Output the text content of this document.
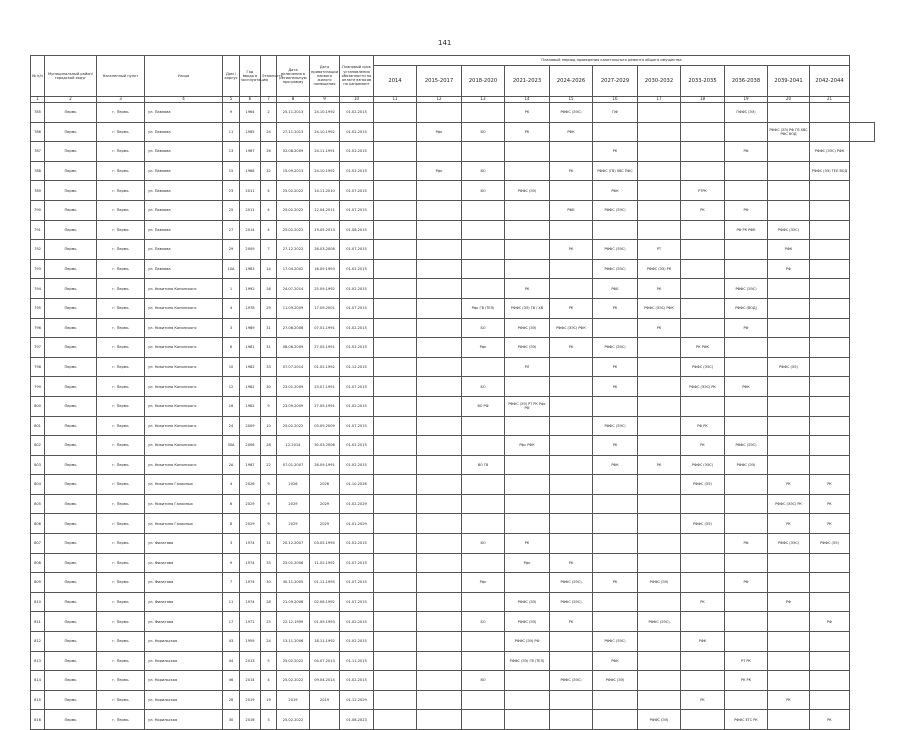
141
№ п/п	Муниципальный район/городской округ	Населенный пункт	Улица	Дом / корпус	Год ввода в эксплуатацию	Этажность	Дата включения в региональную программу	Дата приватизации первого жилого помещения	Плановый срок установления обязанности по оплате взносов на капремонт	Плановый период проведения капитального ремонта общего имущества											
										2014	2015-2017	2018-2020	2021-2023	2024-2026	2027-2029	2030-2032	2033-2035	2036-2038	2039-2041	2042-2044	
1	2	3	4	5	6	7	8	9	10	11	12	13	14	15	16	17	18	19	20	21	
785	Пермь	г. Пермь	ул. Павлова	9	1964	2	25.11.2013	24.10.1992	01.02.2015				РК	РФФС (ЭЭС)	ПФ			ПФФС (ЭЭ)			
786	Пермь	г. Пермь	ул. Павлова	11	1965	24	27.11.2013	24.10.1992	01.02.2015		Рфс	ВО	РК	РФК					РФФС (ЭЭ) РФ ГВ ХВС РФС ВОД		
787	Пермь	г. Пермь	ул. Павлова	13	1967	26	02.08.2009	24.11.1991	01.02.2015						РК			РФ		РФФС (ЭЭС) РФК	
788	Пермь	г. Пермь	ул. Павлова	15	1968	32	15.09.2013	24.10.1992	01.02.2015		Рфс	ВО		РК	РФФС (ГВ) ХВС ПФС					РФФС (ЭЭ) ТЕЛ ВОД	
789	Пермь	г. Пермь	ул. Павлова	23	2011	4	25.02.2022	14.11.2010	01.07.2015			ВО	РФФС (ЭЭ)		РФК		РТРК				
790	Пермь	г. Пермь	ул. Павлова	25	2011	4	25.02.2022	12.04.2011	01.07.2015					РФБ	РФФС (ЭЭС)		РК	РФ			
791	Пермь	г. Пермь	ул. Павлова	27	2014	4	25.02.2022	19.05.2013	01.08.2015									РФ РК РФК	РФФС (ЭЭС)		
792	Пермь	г. Пермь	ул. Павлова	29	2009	7	27.12.2022	26.03.2008	01.07.2015					РК	РФФС (ЭЭС)	РТ			РФК		
793	Пермь	г. Пермь	ул. Павлова	10А	1983	14	17.04.2002	16.09.1993	01.02.2015						РФФС (ЭЭС)	РФФС (ЭЭ) РК			РФ		
794	Пермь	г. Пермь	ул. Никитина Конопского	1	1992	16	24.07.2014	25.09.1992	01.02.2015				РК		РФБ	РК		РФФС (ЭЭС)			
795	Пермь	г. Пермь	ул. Никитина Конопского	4	1978	29	11.09.2009	17.09.2001	01.07.2015			Рфс ГВ (ТЕЛ)	РФФС (ЭЭ) ГВ / ХВ	РК	РК	РФФС (ЭЭС) РФК		РФФС (ВОД)			
796	Пермь	г. Пермь	ул. Никитина Конопского	3	1989	31	27.06.2008	07.01.1991	01.02.2015			БО	РФФС (ЭЭ)	РФФС (ЭЭС) РФК		РК		РФ			
797	Пермь	г. Пермь	ул. Никитина Конопского	6	1981	31	08.06.2009	27.05.1991	01.02.2015			Рфс	РФФС (ЭЭ)	РК	РФФС (ЭЭС)		РК РФК				
798	Пермь	г. Пермь	ул. Никитина Конопского	10	1982	33	07.07.2014	01.02.1992	01.12.2015				РЛ		РК		РФФС (ЭЭС)		РФФС (ЭЭ)		
799	Пермь	г. Пермь	ул. Никитина Конопского	12	1982	30	23.01.2009	23.07.1991	01.07.2015			БО			РК		РФФС (ЭЭС) РК	РФК			
800	Пермь	г. Пермь	ул. Никитина Конопского	16	1982	9	23.09.2009	27.05.1991	01.02.2015			ВО РФ	РФФС (ЭЭ) РТ РК Рфс РФ								
801	Пермь	г. Пермь	ул. Никитина Конопского	24	2009	10	25.02.2022	03.09.2009	01.07.2015						РФФС (ЭЭС)		РФ РК				
802	Пермь	г. Пермь	ул. Никитина Конопского	30А	2006	28	12.2014	30.03.2006	01.02.2015				Рфс РФК		РК		РК	РФФС (ЭЭС)			
803	Пермь	г. Пермь	ул. Никитина Конопского	2А	1987	22	07.01.2007	26.09.1991	01.02.2015			ВО ГВ			РФК	РК	РФФС (ЭЭС)	РФФС (ЭЭ)			
804	Пермь	г. Пермь	ул. Никитина Галкиных	4	2026	9	2026	2026	01.10.2026								РФФС (ЭЭ)		РК	РК	
805	Пермь	г. Пермь	ул. Никитина Галкиных	6	2029	9	2029	2029	01.02.2029										РФФС (ЭЭС) РК	РК	
806	Пермь	г. Пермь	ул. Никитина Галкиных	8	2029	9	2029	2029	01.01.2029								РФФС (ЭЭ)		РК	РК	
807	Пермь	г. Пермь	ул. Филатова	3	1974	31	20.12.2007	03.05.1995	01.02.2015			ВО	РК					РФ	РФФС (ЭЭС)	РФФС (ЭЭ)	
808	Пермь	г. Пермь	ул. Филатова	9	1974	33	25.01.2006	11.02.1992	01.07.2015				Рфс	РК							
809	Пермь	г. Пермь	ул. Филатова	7	1974	30	30.11.2005	01.11.1995	01.07.2015			Рфс		РФФС (ЭЭС)	РК	РФФС (ЭЭ)		РФ			
810	Пермь	г. Пермь	ул. Филатова	11	1974	28	21.09.2008	02.06.1992	01.07.2015				РФФС (ЭЭ)	РФФС (ЭЭС)			РК		РФ		
811	Пермь	г. Пермь	ул. Филатова	17	1971	25	22.12.1999	01.09.1993	01.02.2015			БО	РФФС (ЭЭ)	РК		РФФС (ЭЭС)				РФ	
812	Пермь	г. Пермь	ул. Норильская	43	1959	24	13.11.2006	18.11.1992	01.02.2015				РФФС (ЭЭ) РФ		РФФС (ЭЭС)		РФК				
813	Пермь	г. Пермь	ул. Норильская	44	2013	5	25.02.2022	04.07.2013	01.11.2015				РФФС (ЭЭ) ГВ (ТЕЛ)		РФК			РТ РК			
814	Пермь	г. Пермь	ул. Норильская	46	2014	4	25.02.2022	09.04.2014	01.02.2015			ВО		РФФС (ЭЭС)	РФФС (ЭЭ)			РК РК			
815	Пермь	г. Пермь	ул. Норильская	28	2019	19	2019	2019	01.12.2029								РК		РК		
816	Пермь	г. Пермь	ул. Норильская	30	2016	3	25.02.2022		01.08.2023							РФФС (ЭЭ)		РФФС ЕТС РК		РК	
